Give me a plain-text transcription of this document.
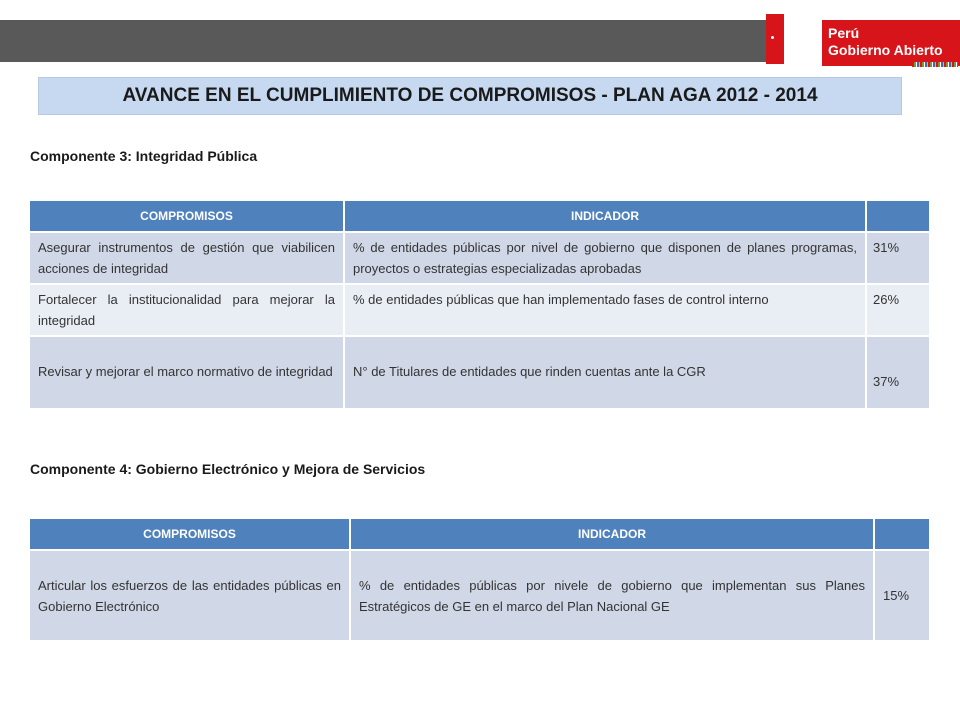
Perú
Gobierno Abierto
AVANCE EN EL CUMPLIMIENTO DE COMPROMISOS - PLAN AGA 2012 - 2014
Componente 3: Integridad Pública
COMPROMISOS	INDICADOR	
Asegurar instrumentos de gestión que viabilicen acciones de integridad	% de entidades públicas por nivel de gobierno que disponen de planes programas, proyectos o estrategias especializadas aprobadas	31%
Fortalecer la institucionalidad para mejorar la integridad	% de entidades públicas que han implementado fases de control interno	26%
Revisar y mejorar el marco normativo de integridad	N° de Titulares de entidades que rinden cuentas ante la CGR	37%
Componente 4: Gobierno Electrónico y Mejora de Servicios
COMPROMISOS	INDICADOR	
Articular los esfuerzos de las entidades públicas en Gobierno Electrónico	% de entidades públicas por nivele de gobierno que implementan sus Planes Estratégicos de GE en el marco del Plan Nacional GE	15%
